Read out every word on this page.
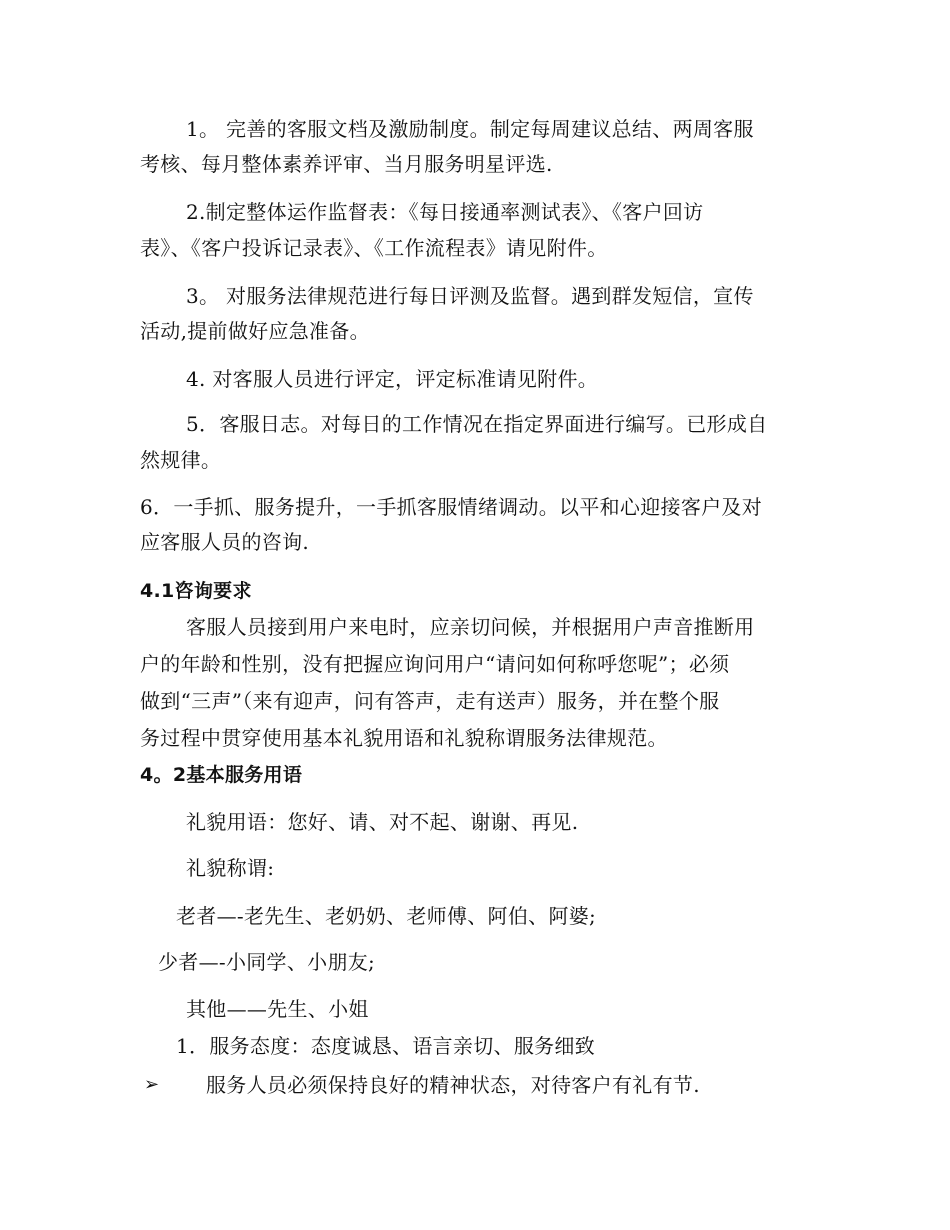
1。 完善的客服文档及激励制度。制定每周建议总结、两周客服
考核、每月整体素养评审、当月服务明星评选.
2.制定整体运作监督表：《每日接通率测试表》、《客户回访
表》、《客户投诉记录表》、《工作流程表》请见附件。
3。 对服务法律规范进行每日评测及监督。遇到群发短信，宣传
活动,提前做好应急准备。
4. 对客服人员进行评定，评定标准请见附件。
5．客服日志。对每日的工作情况在指定界面进行编写。已形成自
然规律。
6．一手抓、服务提升，一手抓客服情绪调动。以平和心迎接客户及对
应客服人员的咨询.
4.1咨询要求
客服人员接到用户来电时，应亲切问候，并根据用户声音推断用
户的年龄和性别，没有把握应询问用户“请问如何称呼您呢”；必须
做到“三声”（来有迎声，问有答声，走有送声）服务，并在整个服
务过程中贯穿使用基本礼貌用语和礼貌称谓服务法律规范。
4。2基本服务用语
礼貌用语：您好、请、对不起、谢谢、再见.
礼貌称谓:
老者—-老先生、老奶奶、老师傅、阿伯、阿婆;
少者—-小同学、小朋友;
其他——先生、小姐
1．服务态度：态度诚恳、语言亲切、服务细致
➢ 服务人员必须保持良好的精神状态，对待客户有礼有节.
